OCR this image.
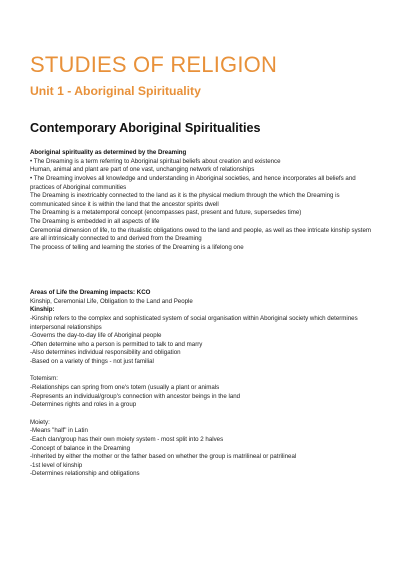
STUDIES OF RELIGION
Unit 1 - Aboriginal Spirituality
Contemporary Aboriginal Spiritualities
Aboriginal spirituality as determined by the Dreaming
• The Dreaming is a term referring to Aboriginal spiritual beliefs about creation and existence
Human, animal and plant are part of one vast, unchanging network of relationships
• The Dreaming involves all knowledge and understanding in Aboriginal societies, and hence incorporates all beliefs and
practices of Aboriginal communities
The Dreaming is inextricably connected to the land as it is the physical medium through the which the Dreaming is
communicated since it is within the land that the ancestor spirits dwell
The Dreaming is a metatemporal concept (encompasses past, present and future, supersedes time)
The Dreaming is embedded in all aspects of life
Ceremonial dimension of life, to the ritualistic obligations owed to the land and people, as well as thee intricate kinship system
are all intrinsically connected to and derived from the Dreaming
The process of telling and learning the stories of the Dreaming is a lifelong one
Areas of Life the Dreaming impacts: KCO
Kinship, Ceremonial Life, Obligation to the Land and People
Kinship:
-Kinship refers to the complex and sophisticated system of social organisation within Aboriginal society which determines
interpersonal relationships
-Governs the day-to-day life of Aboriginal people
-Often determine who a person is permitted to talk to and marry
-Also determines individual responsibility and obligation
-Based on a variety of things - not just familial
Totemism:
-Relationships can spring from one's totem (usually a plant or animals
-Represents an individual/group's connection with ancestor beings in the land
-Determines rights and roles in a group
Moiety:
-Means "half" in Latin
-Each clan/group has their own moiety system - most split into 2 halves
-Concept of balance in the Dreaming
-Inherited by either the mother or the father based on whether the group is matrilineal or patrilineal
-1st level of kinship
-Determines relationship and obligations
